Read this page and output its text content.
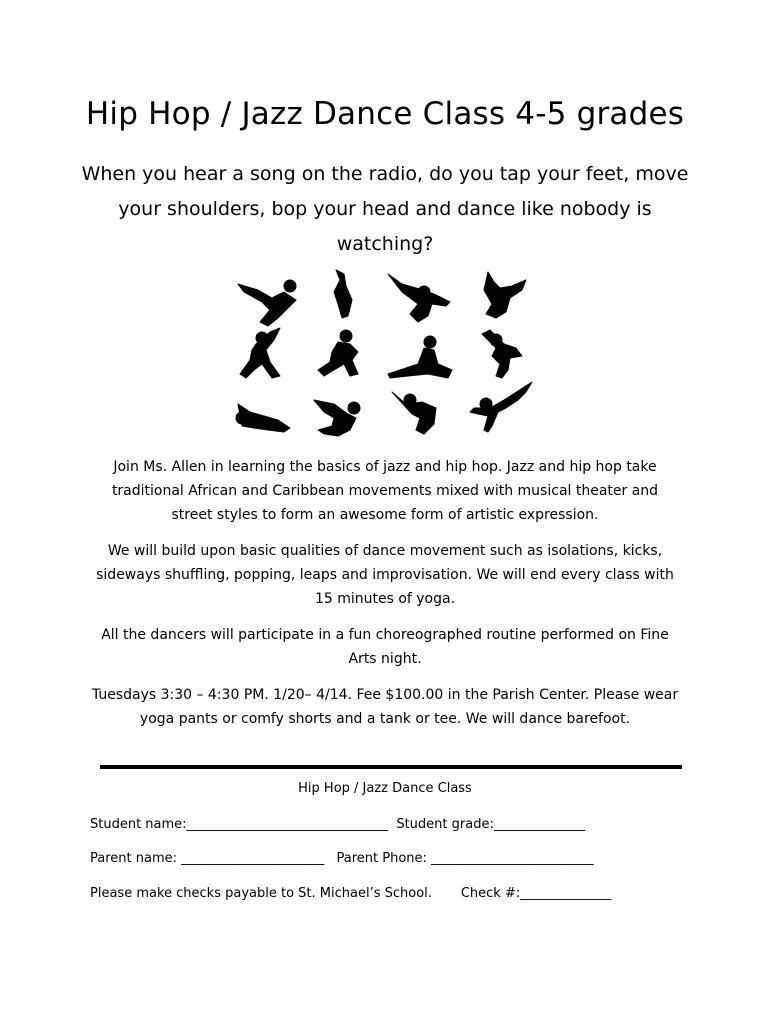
Hip Hop / Jazz Dance Class 4-5 grades
When you hear a song on the radio, do you tap your feet, move your shoulders, bop your head and dance like nobody is watching?
Join Ms. Allen in learning the basics of jazz and hip hop. Jazz and hip hop take traditional African and Caribbean movements mixed with musical theater and street styles to form an awesome form of artistic expression.
We will build upon basic qualities of dance movement such as isolations, kicks, sideways shuffling, popping, leaps and improvisation. We will end every class with 15 minutes of yoga.
All the dancers will participate in a fun choreographed routine performed on Fine Arts night.
Tuesdays 3:30 – 4:30 PM. 1/20– 4/14. Fee $100.00 in the Parish Center. Please wear yoga pants or comfy shorts and a tank or tee. We will dance barefoot.
Hip Hop / Jazz Dance Class
Student name:_______________________________  Student grade:______________
Parent name: ______________________   Parent Phone: _________________________
Please make checks payable to St. Michael’s School.       Check #:______________
